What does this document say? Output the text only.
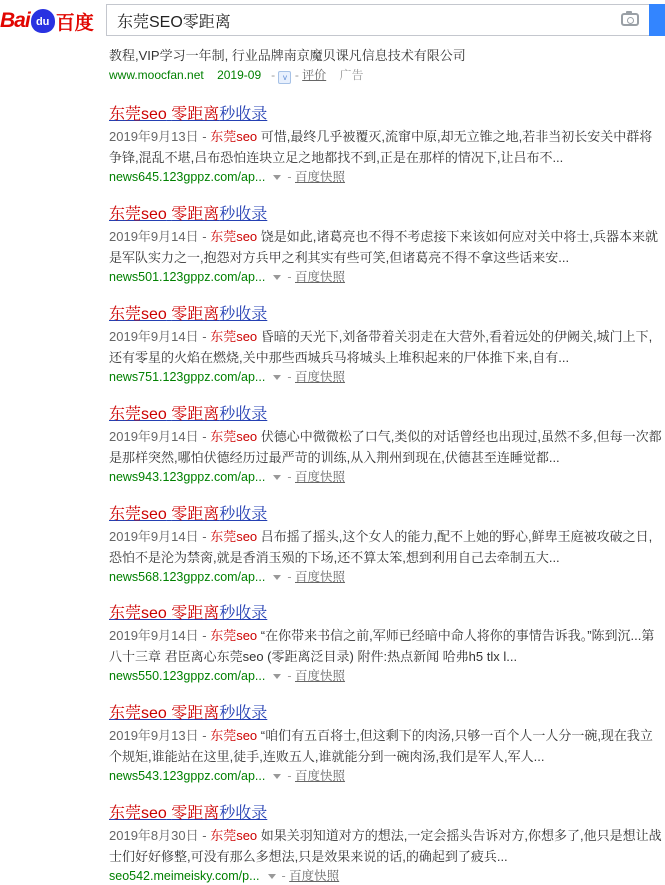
Bai du 百度
东莞SEO零距离
教程,VIP学习一年制, 行业品牌南京魔贝课凡信息技术有限公司
www.moocfan.net 2019-09 - v - 评价 广告
东莞seo 零距离秒收录
2019年9月13日 - 东莞seo 可惜,最终几乎被覆灭,流窜中原,却无立锥之地,若非当初长安关中群将争锋,混乱不堪,吕布恐怕连块立足之地都找不到,正是在那样的情况下,让吕布不...
news645.123gppz.com/ap... - 百度快照
东莞seo 零距离秒收录
2019年9月14日 - 东莞seo 饶是如此,诸葛亮也不得不考虑接下来该如何应对关中将士,兵器本来就是军队实力之一,抱怨对方兵甲之利其实有些可笑,但诸葛亮不得不拿这些话来安...
news501.123gppz.com/ap... - 百度快照
东莞seo 零距离秒收录
2019年9月14日 - 东莞seo 昏暗的天光下,刘备带着关羽走在大营外,看着远处的伊阙关,城门上下,还有零星的火焰在燃烧,关中那些西城兵马将城头上堆积起来的尸体推下来,自有...
news751.123gppz.com/ap... - 百度快照
东莞seo 零距离秒收录
2019年9月14日 - 东莞seo 伏德心中微微松了口气,类似的对话曾经也出现过,虽然不多,但每一次都是那样突然,哪怕伏德经历过最严苛的训练,从入荆州到现在,伏德甚至连睡觉都...
news943.123gppz.com/ap... - 百度快照
东莞seo 零距离秒收录
2019年9月14日 - 东莞seo 吕布摇了摇头,这个女人的能力,配不上她的野心,鲜卑王庭被攻破之日,恐怕不是沦为禁脔,就是香消玉殒的下场,还不算太笨,想到利用自己去牵制五大...
news568.123gppz.com/ap... - 百度快照
东莞seo 零距离秒收录
2019年9月14日 - 东莞seo “在你带来书信之前,军师已经暗中命人将你的事情告诉我。”陈到沉...第八十三章 君臣离心东莞seo (零距离泛目录) 附件:热点新闻 哈弗h5 tlx l...
news550.123gppz.com/ap... - 百度快照
东莞seo 零距离秒收录
2019年9月13日 - 东莞seo “咱们有五百将士,但这剩下的肉汤,只够一百个人一人分一碗,现在我立个规矩,谁能站在这里,徒手,连败五人,谁就能分到一碗肉汤,我们是军人,军人...
news543.123gppz.com/ap... - 百度快照
东莞seo 零距离秒收录
2019年8月30日 - 东莞seo 如果关羽知道对方的想法,一定会摇头告诉对方,你想多了,他只是想让战士们好好修整,可没有那么多想法,只是效果来说的话,的确起到了疲兵...
seo542.meimeisky.com/p... - 百度快照
